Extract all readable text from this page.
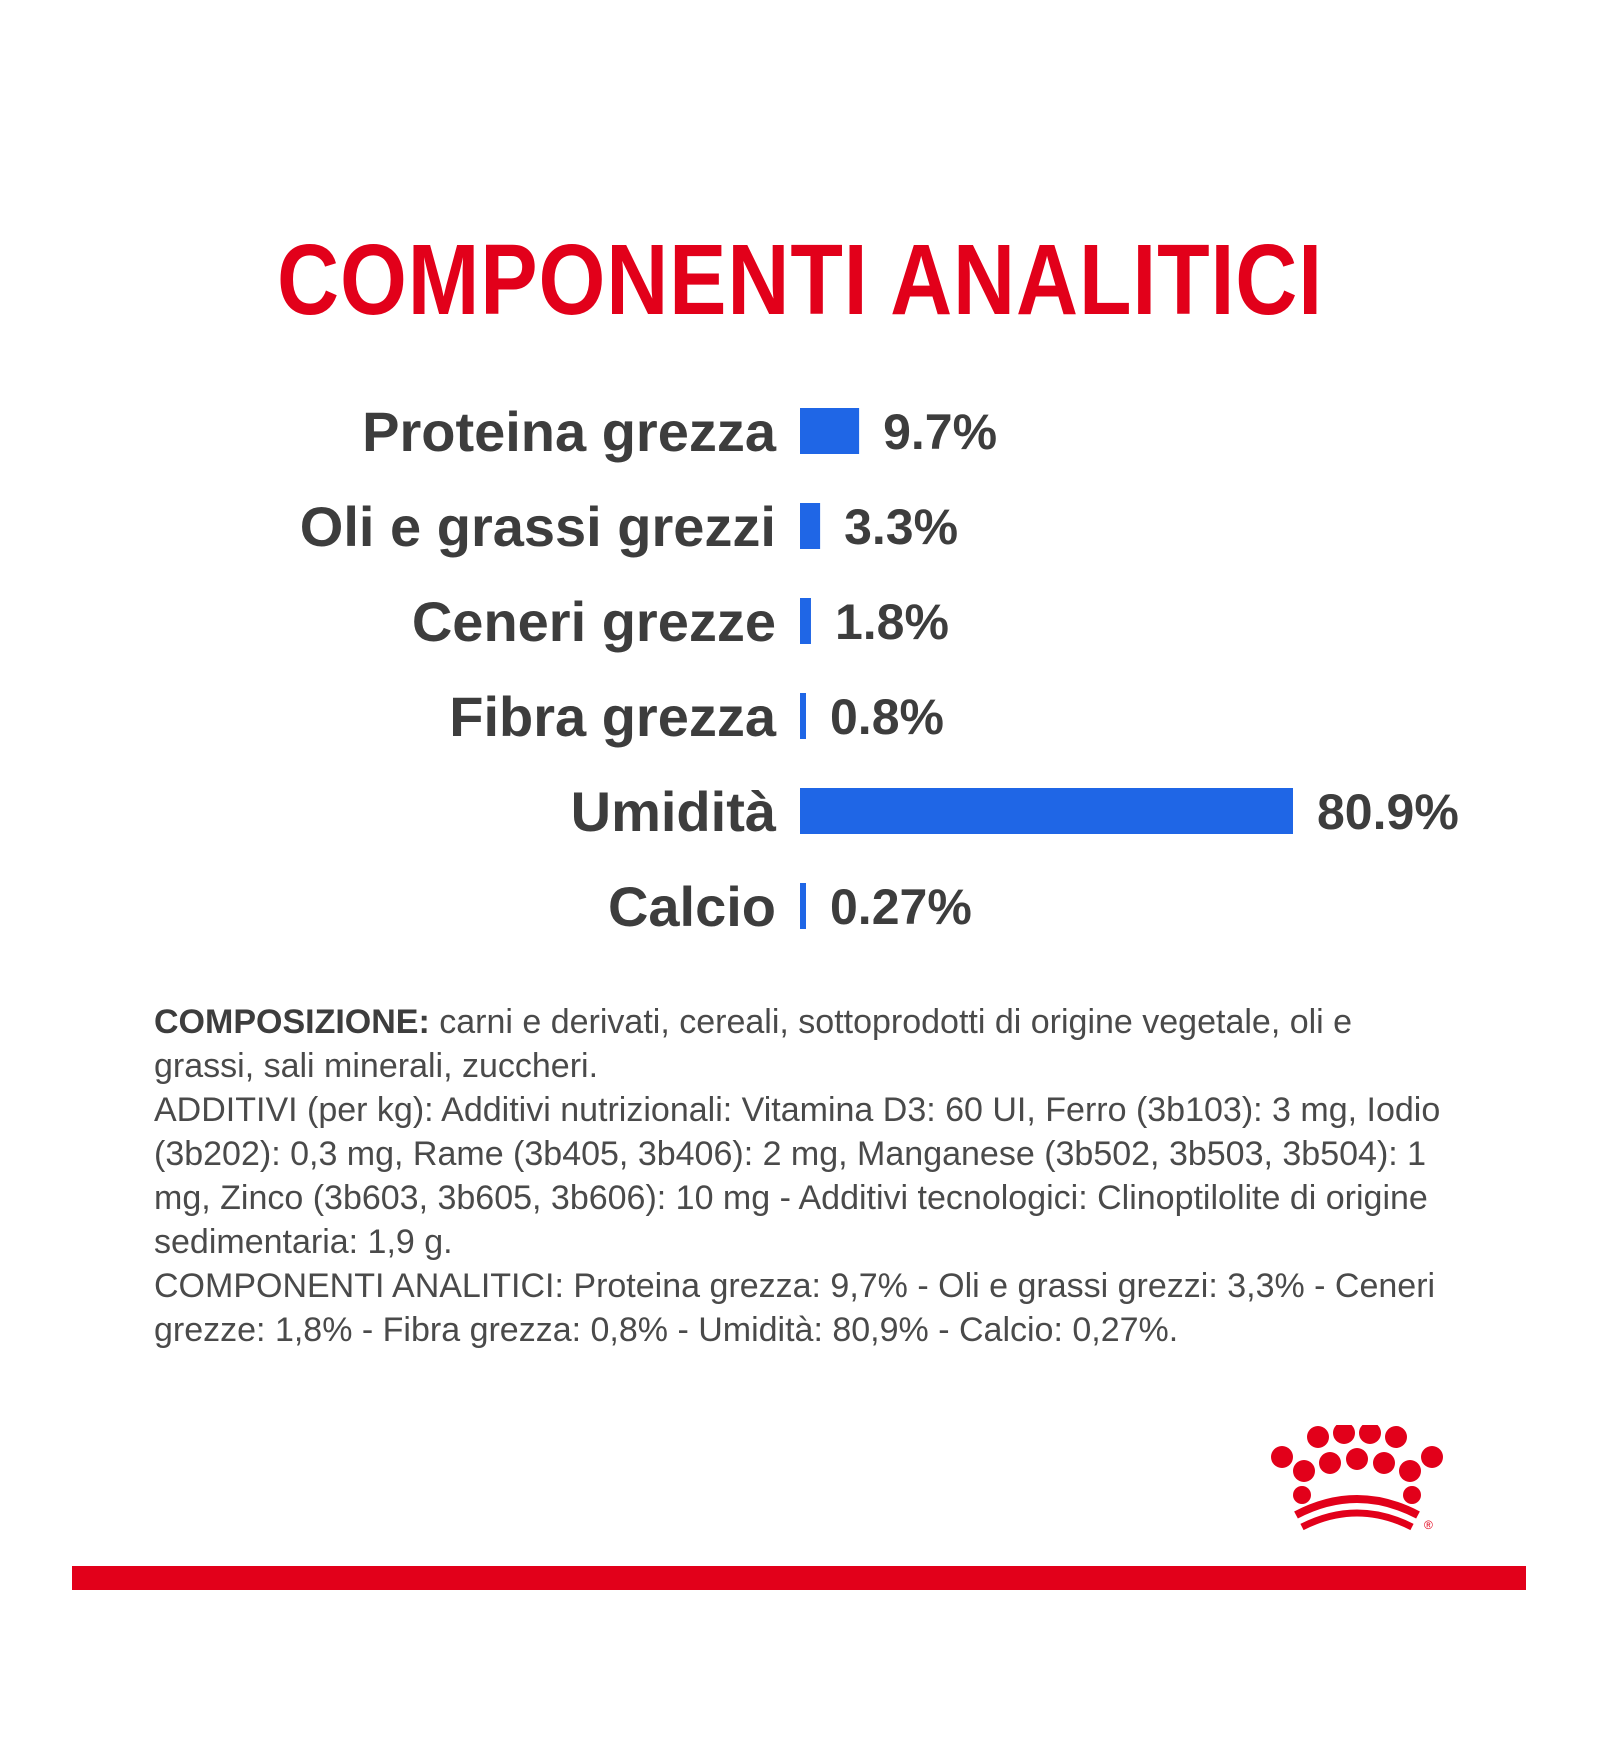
COMPONENTI ANALITICI
Proteina grezza 9.7%
Oli e grassi grezzi 3.3%
Ceneri grezze 1.8%
Fibra grezza 0.8%
Umidità	80.9%
Calcio 0.27%

COMPOSIZIONE: carni e derivati, cereali, sottoprodotti di origine vegetale, oli e grassi, sali minerali, zuccheri.

ADDITIVI (per kg): Additivi nutrizionali: Vitamina D3: 60 UI, Ferro (3b103): 3 mg, Iodio (3b202): 0,3 mg, Rame (3b405, 3b406): 2 mg, Manganese (3b502, 3b503, 3b504): 1 mg, Zinco (3b603, 3b605, 3b606): 10 mg - Additivi tecnologici: Clinoptilolite di origine sedimentaria: 1,9 g.

COMPONENTI ANALITICI: Proteina grezza: 9,7% - Oli e grassi grezzi: 3,3% - Ceneri grezze: 1,8% - Fibra grezza: 0,8% - Umidità: 80,9% - Calcio: 0,27%.

®
